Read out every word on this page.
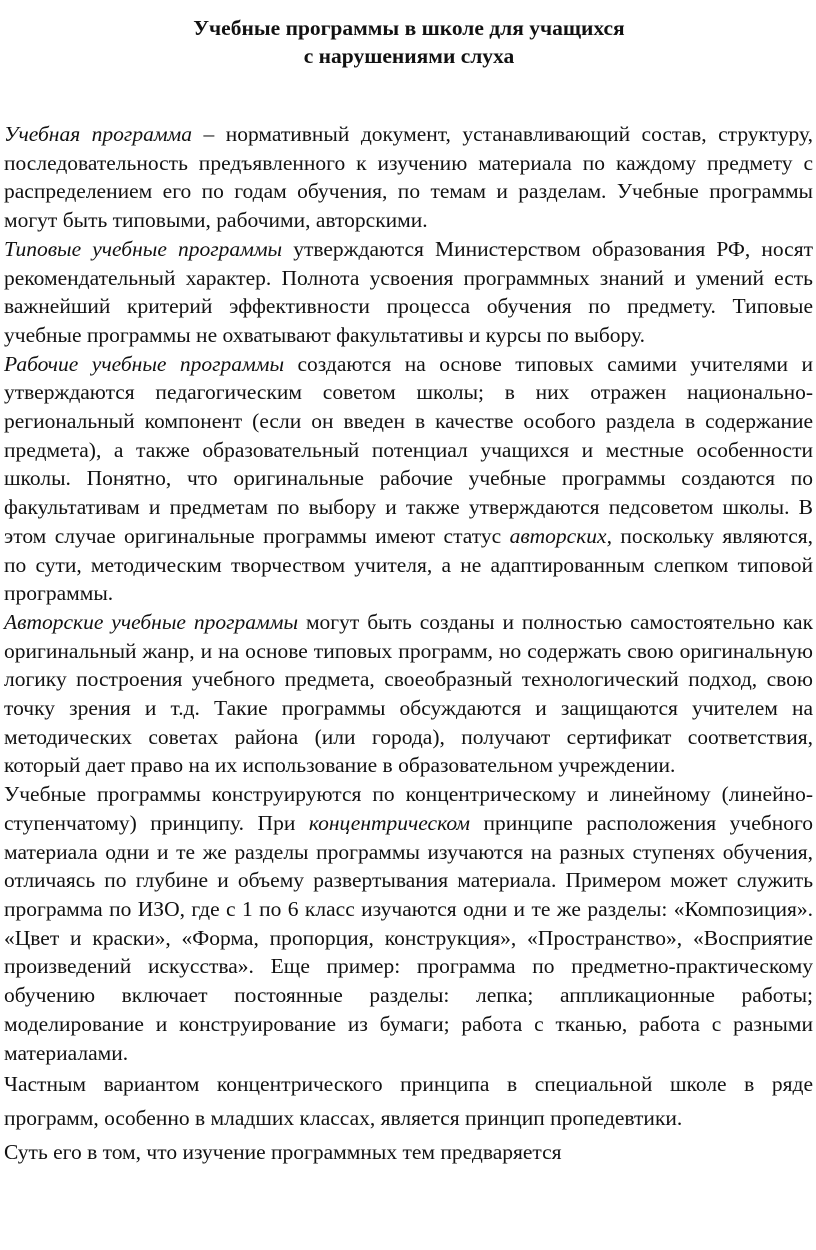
Учебные программы в школе для учащихся
с нарушениями слуха

Учебная программа – нормативный документ, устанавливающий состав, структуру, последовательность предъявленного к изучению материала по каждому предмету с распределением его по годам обучения, по темам и разделам. Учебные программы могут быть типовыми, рабочими, авторскими.

Типовые учебные программы утверждаются Министерством образования РФ, носят рекомендательный характер. Полнота усвоения программных знаний и умений есть важнейший критерий эффективности процесса обучения по предмету. Типовые учебные программы не охватывают факультативы и курсы по выбору.

Рабочие учебные программы создаются на основе типовых самими учителями и утверждаются педагогическим советом школы; в них отражен национально-региональный компонент (если он введен в качестве особого раздела в содержание предмета), а также образовательный потенциал учащихся и местные особенности школы. Понятно, что оригинальные рабочие учебные программы создаются по факультативам и предметам по выбору и также утверждаются педсоветом школы. В этом случае оригинальные программы имеют статус авторских, поскольку являются, по сути, методическим творчеством учителя, а не адаптированным слепком типовой программы.

Авторские учебные программы могут быть созданы и полностью самостоятельно как оригинальный жанр, и на основе типовых программ, но содержать свою оригинальную логику построения учебного предмета, своеобразный технологический подход, свою точку зрения и т.д. Такие программы обсуждаются и защищаются учителем на методических советах района (или города), получают сертификат соответствия, который дает право на их использование в образовательном учреждении.

Учебные программы конструируются по концентрическому и линейному (линейно-ступенчатому) принципу. При концентрическом принципе расположения учебного материала одни и те же разделы программы изучаются на разных ступенях обучения, отличаясь по глубине и объему развертывания материала. Примером может служить программа по ИЗО, где с 1 по 6 класс изучаются одни и те же разделы: «Композиция». «Цвет и краски», «Форма, пропорция, конструкция», «Пространство», «Восприятие произведений искусства». Еще пример: программа по предметно-практическому обучению включает постоянные разделы: лепка; аппликационные работы; моделирование и конструирование из бумаги; работа с тканью, работа с разными материалами.

Частным вариантом концентрического принципа в специальной школе в ряде программ, особенно в младших классах, является принцип пропедевтики.

Суть его в том, что изучение программных тем предваряется
